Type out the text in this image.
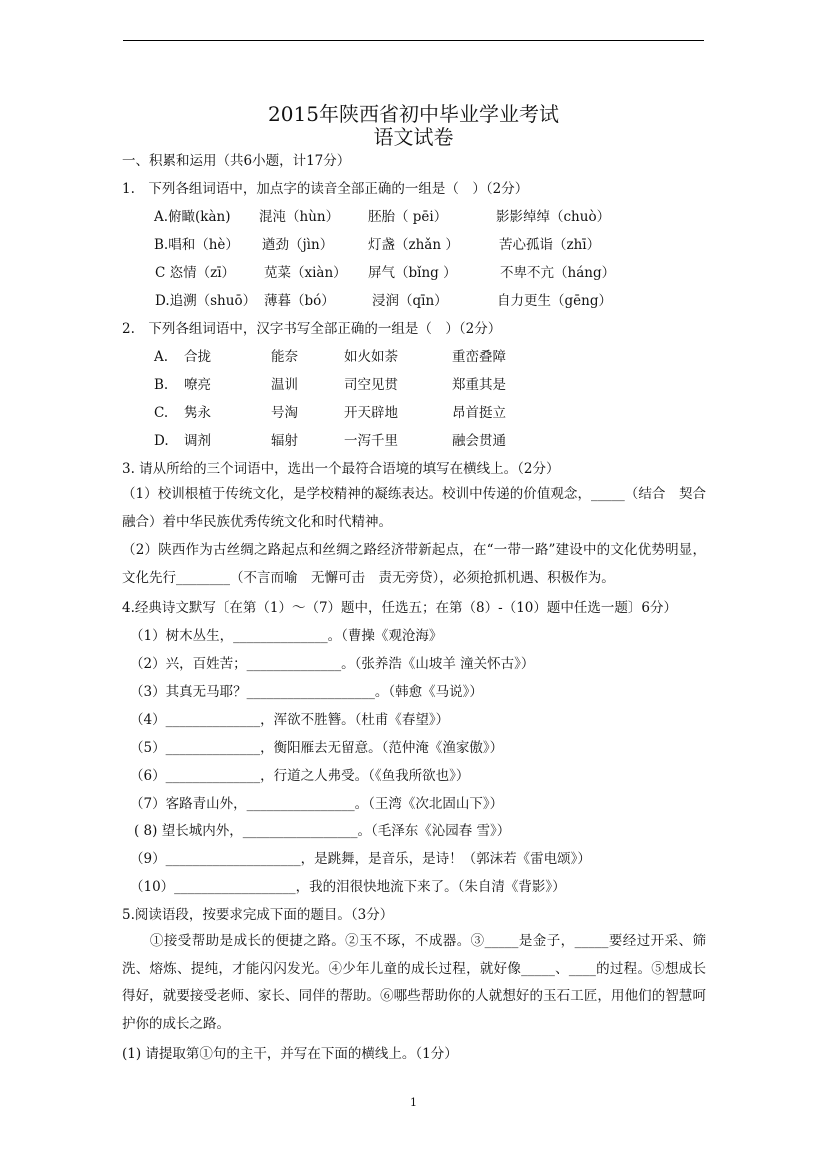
2015年陕西省初中毕业学业考试
语文试卷
一、积累和运用（共6小题，计17分）
1.　下列各组词语中，加点字的读音全部正确的一组是（　）（2分）
A.俯瞰(kàn) 混沌（hùn） 胚胎（ pēi）	影影绰绰（chuò）
B.唱和（hè） 遒劲（jìn）	灯盏（zhǎn ）	苦心孤诣（zhī）
C 恣情（zī） 苋菜（xiàn） 屏气（bǐng ）	不卑不亢（háng）
D.追溯（shuō） 薄暮（bó）	浸润（qīn）	自力更生（gēng）
2.　下列各组词语中，汉字书写全部正确的一组是（　）（2分）
A. 合拢	能奈	如火如荼	重峦叠障
B. 嘹亮	温训	司空见贯	郑重其是
C. 隽永	号淘	开天辟地	昂首挺立
D. 调剂	辐射	一泻千里	融会贯通
3. 请从所给的三个词语中，选出一个最符合语境的填写在横线上。（2分）
（1）校训根植于传统文化，是学校精神的凝练表达。校训中传递的价值观念，_____（结合　契合　融合）着中华民族优秀传统文化和时代精神。
（2）陕西作为古丝绸之路起点和丝绸之路经济带新起点，在“一带一路”建设中的文化优势明显，文化先行________（不言而喻　无懈可击　责无旁贷），必须抢抓机遇、积极作为。
4.经典诗文默写〔在第（1）～（7）题中，任选五；在第（8）-（10）题中任选一题〕6分）
（1）树木丛生，______________。（曹操《观沧海》
（2）兴，百姓苦；______________。（张养浩《山坡羊 潼关怀古》）
（3）其真无马耶？___________________。（韩愈《马说》）
（4）______________，浑欲不胜簪。（杜甫《春望》）
（5）______________，衡阳雁去无留意。（范仲淹《渔家傲》）
（6）______________，行道之人弗受。（《鱼我所欲也》）
（7）客路青山外，________________。（王湾《次北固山下》）
( 8) 望长城内外，_________________。（毛泽东《沁园春 雪》）
（9）____________________，是跳舞，是音乐，是诗！（郭沫若《雷电颂》）
（10）__________________，我的泪很快地流下来了。（朱自清《背影》）
5.阅读语段，按要求完成下面的题目。（3分）
　　①接受帮助是成长的便捷之路。②玉不琢，不成器。③_____是金子，_____要经过开采、筛洗、熔炼、提纯，才能闪闪发光。④少年儿童的成长过程，就好像_____、____的过程。⑤想成长得好，就要接受老师、家长、同伴的帮助。⑥哪些帮助你的人就想好的玉石工匠，用他们的智慧呵护你的成长之路。
(1) 请提取第①句的主干，并写在下面的横线上。（1分）
1
